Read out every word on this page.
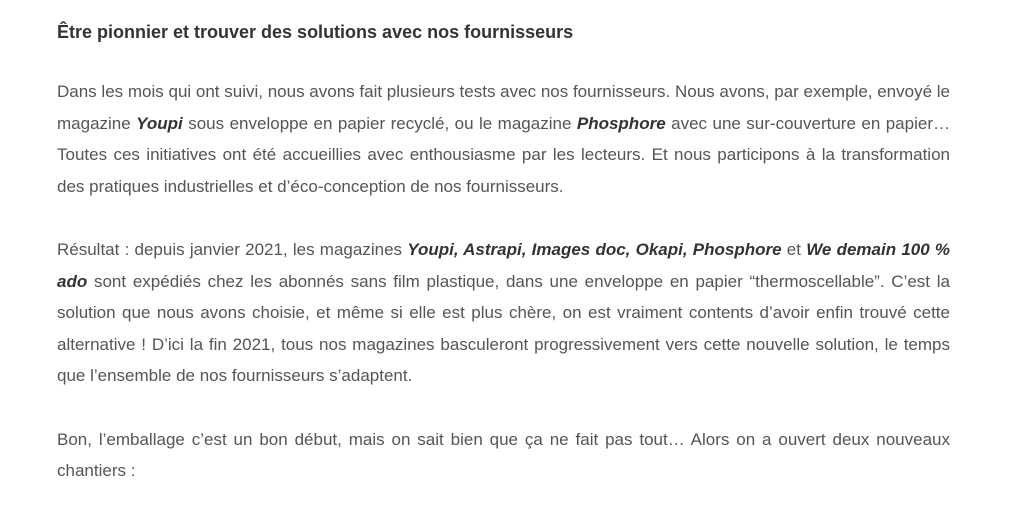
Être pionnier et trouver des solutions avec nos fournisseurs

Dans les mois qui ont suivi, nous avons fait plusieurs tests avec nos fournisseurs. Nous avons, par exemple, envoyé le magazine Youpi sous enveloppe en papier recyclé, ou le magazine Phosphore avec une sur-couverture en papier… Toutes ces initiatives ont été accueillies avec enthousiasme par les lecteurs. Et nous participons à la transformation des pratiques industrielles et d’éco-conception de nos fournisseurs.

Résultat : depuis janvier 2021, les magazines Youpi, Astrapi, Images doc, Okapi, Phosphore et We demain 100 % ado sont expédiés chez les abonnés sans film plastique, dans une enveloppe en papier “thermoscellable”. C’est la solution que nous avons choisie, et même si elle est plus chère, on est vraiment contents d’avoir enfin trouvé cette alternative ! D’ici la fin 2021, tous nos magazines basculeront progressivement vers cette nouvelle solution, le temps que l’ensemble de nos fournisseurs s’adaptent.

Bon, l’emballage c’est un bon début, mais on sait bien que ça ne fait pas tout… Alors on a ouvert deux nouveaux chantiers :
